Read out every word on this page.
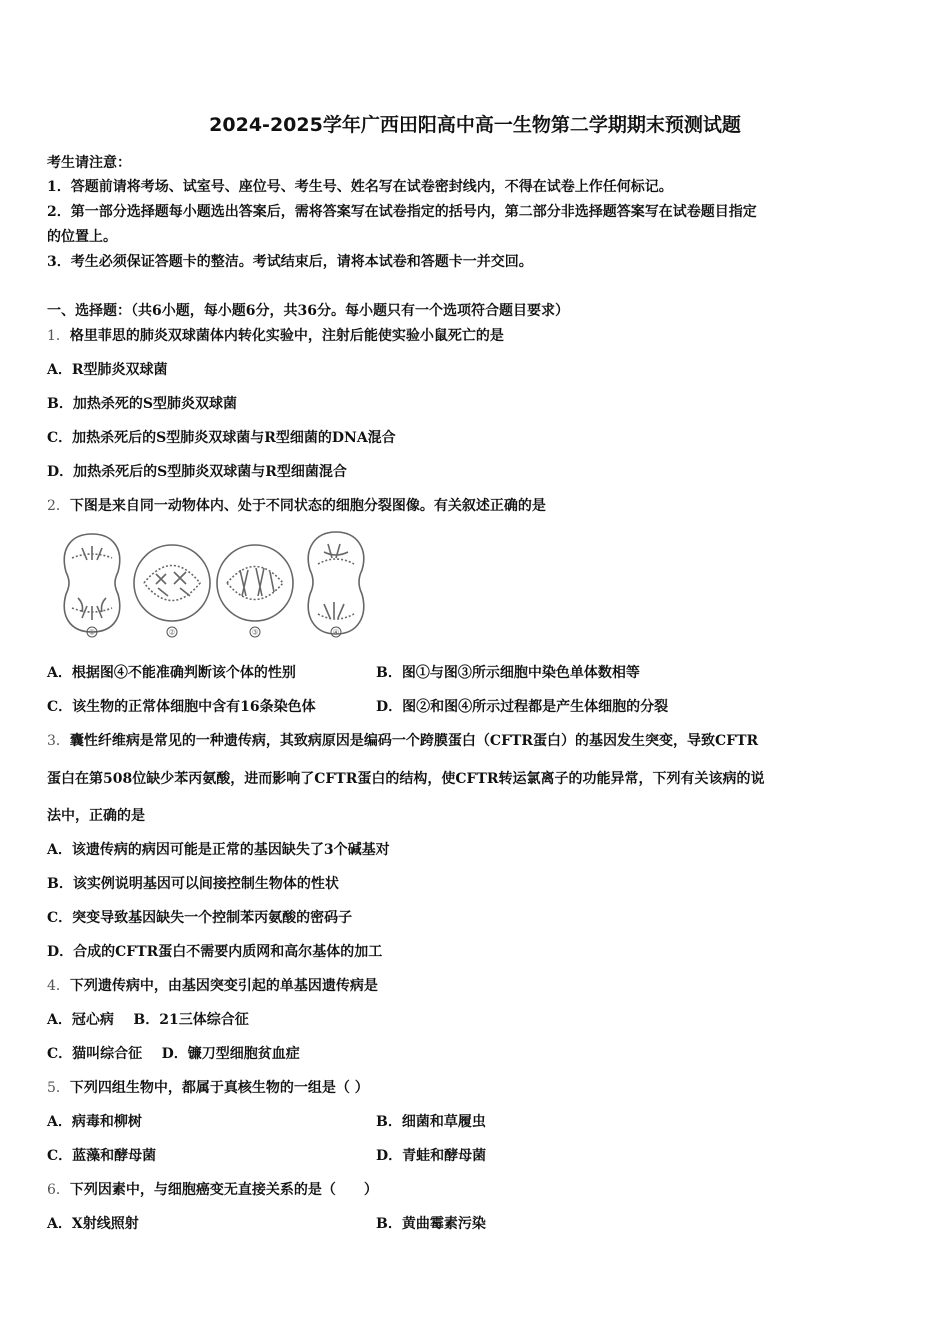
2024-2025学年广西田阳高中高一生物第二学期期末预测试题
考生请注意：
1．答题前请将考场、试室号、座位号、考生号、姓名写在试卷密封线内，不得在试卷上作任何标记。
2．第一部分选择题每小题选出答案后，需将答案写在试卷指定的括号内，第二部分非选择题答案写在试卷题目指定
的位置上。
3．考生必须保证答题卡的整洁。考试结束后，请将本试卷和答题卡一并交回。
一、选择题：（共6小题，每小题6分，共36分。每小题只有一个选项符合题目要求）
1．格里菲思的肺炎双球菌体内转化实验中，注射后能使实验小鼠死亡的是
A．R型肺炎双球菌
B．加热杀死的S型肺炎双球菌
C．加热杀死后的S型肺炎双球菌与R型细菌的DNA混合
D．加热杀死后的S型肺炎双球菌与R型细菌混合
2．下图是来自同一动物体内、处于不同状态的细胞分裂图像。有关叙述正确的是
①	②	③	④
A．根据图④不能准确判断该个体的性别	B．图①与图③所示细胞中染色单体数相等
C．该生物的正常体细胞中含有16条染色体	D．图②和图④所示过程都是产生体细胞的分裂
3．囊性纤维病是常见的一种遗传病，其致病原因是编码一个跨膜蛋白（CFTR蛋白）的基因发生突变，导致CFTR
蛋白在第508位缺少苯丙氨酸，进而影响了CFTR蛋白的结构，使CFTR转运氯离子的功能异常，下列有关该病的说
法中，正确的是
A．该遗传病的病因可能是正常的基因缺失了3个碱基对
B．该实例说明基因可以间接控制生物体的性状
C．突变导致基因缺失一个控制苯丙氨酸的密码子
D．合成的CFTR蛋白不需要内质网和高尔基体的加工
4．下列遗传病中，由基因突变引起的单基因遗传病是
A．冠心病 B．21三体综合征
C．猫叫综合征 D．镰刀型细胞贫血症
5．下列四组生物中，都属于真核生物的一组是（ ）
A．病毒和柳树	B．细菌和草履虫
C．蓝藻和酵母菌	D．青蛙和酵母菌
6．下列因素中，与细胞癌变无直接关系的是（　　）
A．X射线照射	B．黄曲霉素污染
